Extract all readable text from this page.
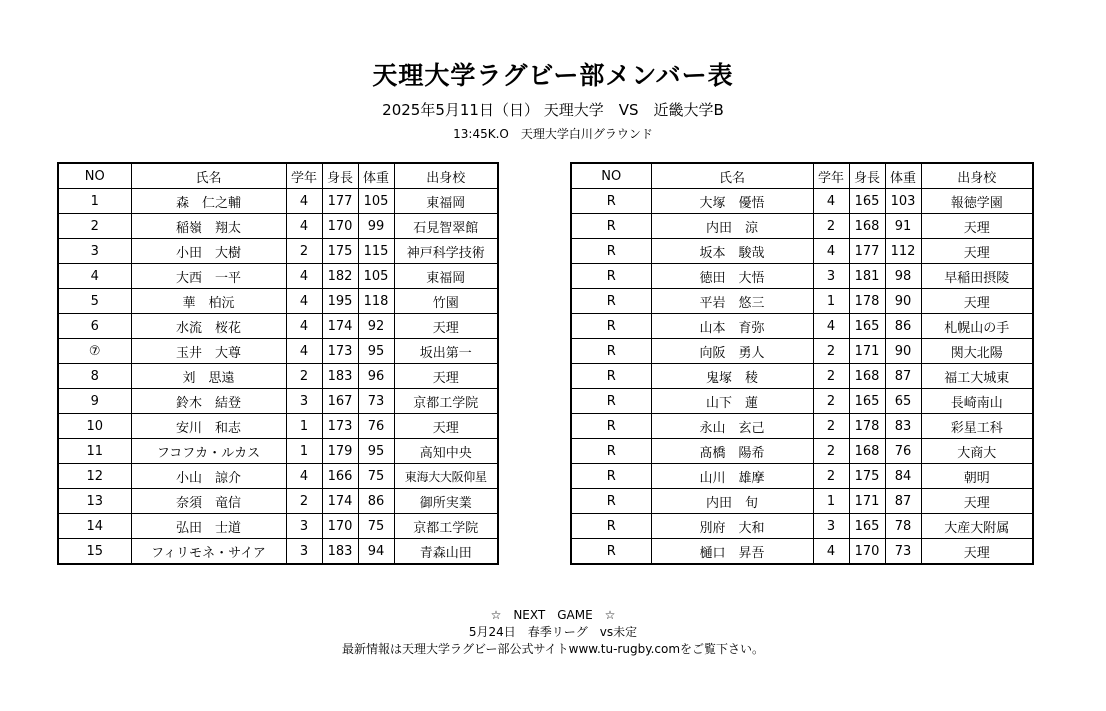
天理大学ラグビー部メンバー表
2025年5月11日（日） 天理大学　VS　近畿大学B
13:45K.O　天理大学白川グラウンド
NO	氏名	学年	身長	体重	出身校
1	森　仁之輔	4	177	105	東福岡
2	稲嶺　翔太	4	170	99	石見智翠館
3	小田　大樹	2	175	115	神戸科学技術
4	大西　一平	4	182	105	東福岡
5	華　柏沅	4	195	118	竹園
6	水流　桜花	4	174	92	天理
⑦	玉井　大尊	4	173	95	坂出第一
8	刘　思遠	2	183	96	天理
9	鈴木　結登	3	167	73	京都工学院
10	安川　和志	1	173	76	天理
11	フコフカ・ルカス	1	179	95	高知中央
12	小山　諒介	4	166	75	東海大大阪仰星
13	奈須　竜信	2	174	86	御所実業
14	弘田　士道	3	170	75	京都工学院
15	フィリモネ・サイア	3	183	94	青森山田
NO	氏名	学年	身長	体重	出身校
R	大塚　優悟	4	165	103	報徳学園
R	内田　涼	2	168	91	天理
R	坂本　駿哉	4	177	112	天理
R	徳田　大悟	3	181	98	早稲田摂陵
R	平岩　悠三	1	178	90	天理
R	山本　育弥	4	165	86	札幌山の手
R	向阪　勇人	2	171	90	関大北陽
R	鬼塚　稜	2	168	87	福工大城東
R	山下　蓮	2	165	65	長崎南山
R	永山　玄己	2	178	83	彩星工科
R	髙橋　陽希	2	168	76	大商大
R	山川　雄摩	2	175	84	朝明
R	内田　旬	1	171	87	天理
R	別府　大和	3	165	78	大産大附属
R	樋口　昇吾	4	170	73	天理
☆　NEXT　GAME　☆
5月24日　春季リーグ　vs未定
最新情報は天理大学ラグビー部公式サイトwww.tu-rugby.comをご覧下さい。
